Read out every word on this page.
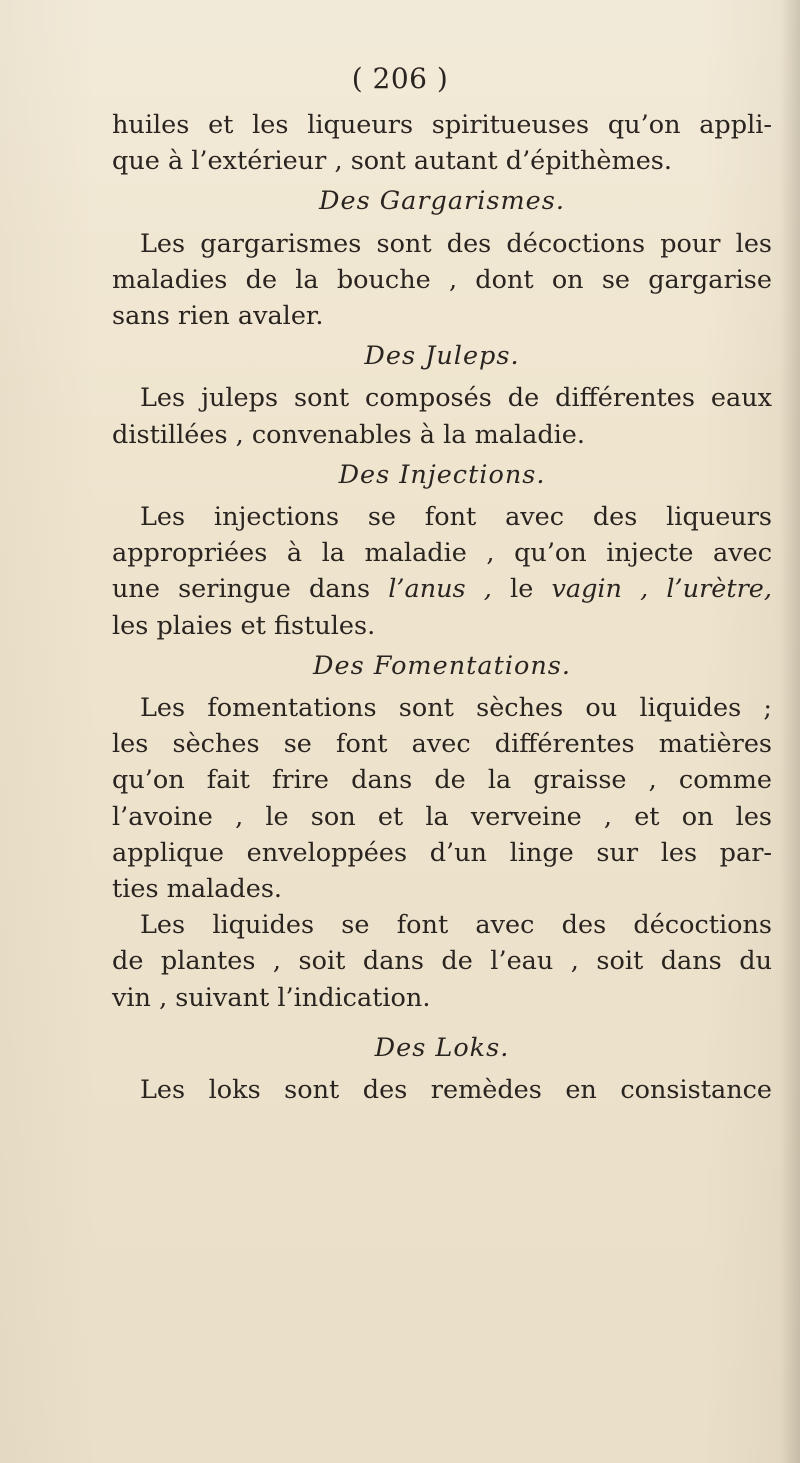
( 206 )
huiles et les liqueurs spiritueuses qu’on appli-
que à l’extérieur , sont autant d’épithèmes.
Des Gargarismes.
Les gargarismes sont des décoctions pour les
maladies de la bouche , dont on se gargarise
sans rien avaler.
Des Juleps.
Les juleps sont composés de différentes eaux
distillées , convenables à la maladie.
Des Injections.
Les injections se font avec des liqueurs
appropriées à la maladie , qu’on injecte avec
une seringue dans l’anus , le vagin , l’urètre,
les plaies et fistules.
Des Fomentations.
Les fomentations sont sèches ou liquides ;
les sèches se font avec différentes matières
qu’on fait frire dans de la graisse , comme
l’avoine , le son et la verveine , et on les
applique enveloppées d’un linge sur les par-
ties malades.
Les liquides se font avec des décoctions
de plantes , soit dans de l’eau , soit dans du
vin , suivant l’indication.
Des Loks.
Les loks sont des remèdes en consistance
